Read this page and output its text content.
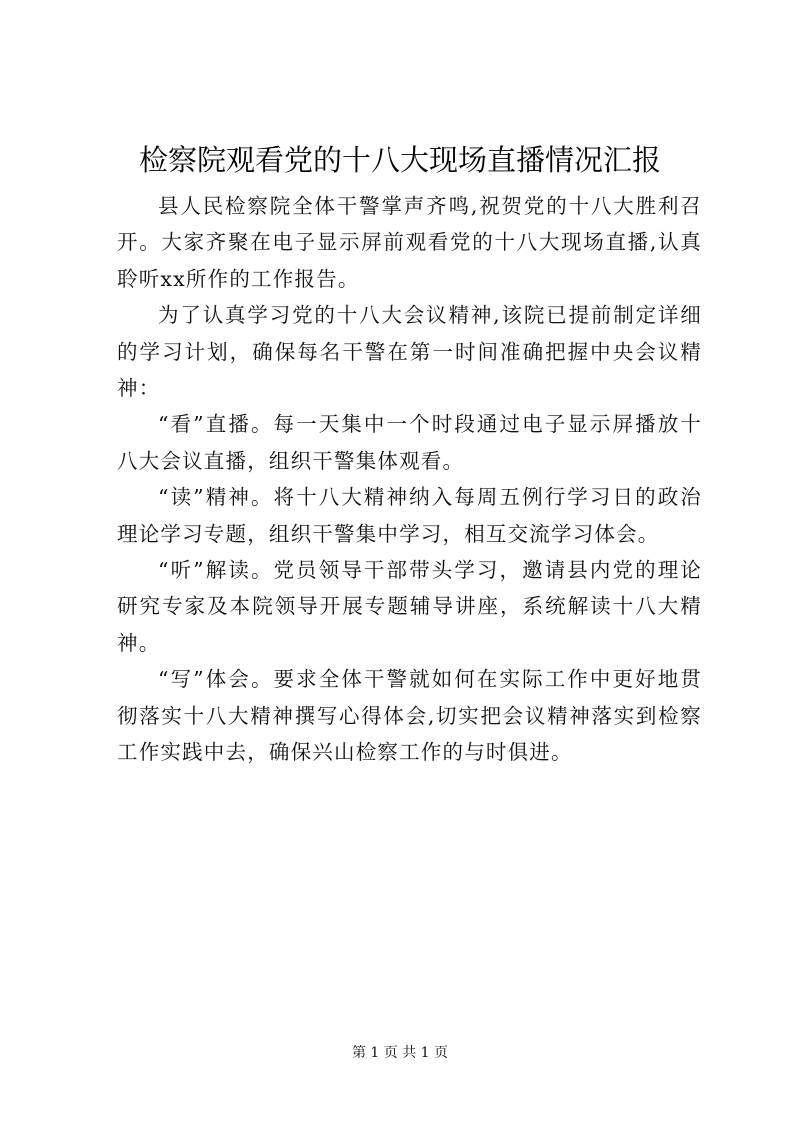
检察院观看党的十八大现场直播情况汇报

县人民检察院全体干警掌声齐鸣,祝贺党的十八大胜利召开。大家齐聚在电子显示屏前观看党的十八大现场直播,认真聆听xx所作的工作报告。

为了认真学习党的十八大会议精神,该院已提前制定详细的学习计划，确保每名干警在第一时间准确把握中央会议精神：

“看”直播。每一天集中一个时段通过电子显示屏播放十八大会议直播，组织干警集体观看。

“读”精神。将十八大精神纳入每周五例行学习日的政治理论学习专题，组织干警集中学习，相互交流学习体会。

“听”解读。党员领导干部带头学习，邀请县内党的理论研究专家及本院领导开展专题辅导讲座，系统解读十八大精神。

“写”体会。要求全体干警就如何在实际工作中更好地贯彻落实十八大精神撰写心得体会,切实把会议精神落实到检察工作实践中去，确保兴山检察工作的与时俱进。

第 1 页 共 1 页
